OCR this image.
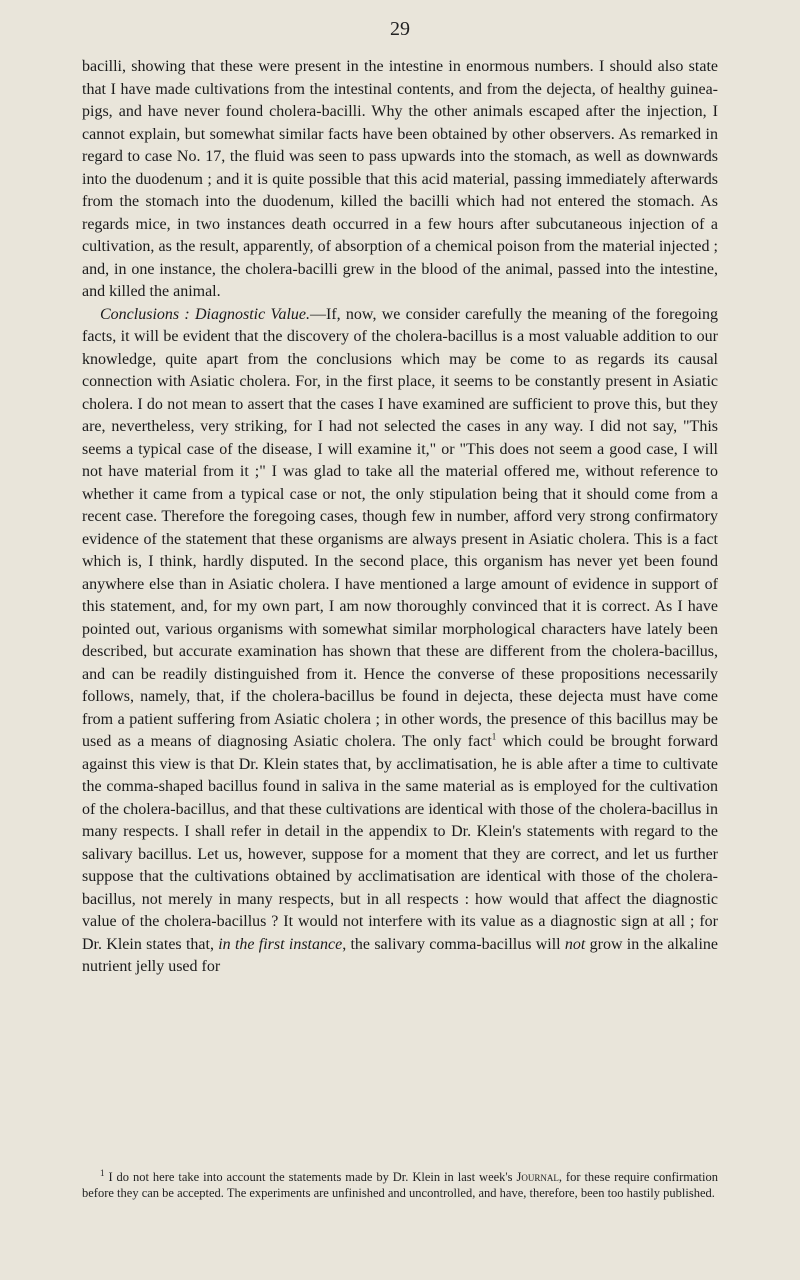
29

bacilli, showing that these were present in the intestine in enormous numbers. I should also state that I have made cultivations from the intestinal contents, and from the dejecta, of healthy guinea-pigs, and have never found cholera-bacilli. Why the other animals escaped after the injection, I cannot explain, but somewhat similar facts have been obtained by other observers. As remarked in regard to case No. 17, the fluid was seen to pass upwards into the stomach, as well as downwards into the duodenum ; and it is quite possible that this acid material, passing immediately afterwards from the stomach into the duodenum, killed the bacilli which had not entered the stomach. As regards mice, in two instances death occurred in a few hours after subcutaneous injection of a cultivation, as the result, apparently, of absorption of a chemical poison from the material injected ; and, in one instance, the cholera-bacilli grew in the blood of the animal, passed into the intestine, and killed the animal.

Conclusions : Diagnostic Value.—If, now, we consider carefully the meaning of the foregoing facts, it will be evident that the discovery of the cholera-bacillus is a most valuable addition to our knowledge, quite apart from the conclusions which may be come to as regards its causal connection with Asiatic cholera. For, in the first place, it seems to be constantly present in Asiatic cholera. I do not mean to assert that the cases I have examined are sufficient to prove this, but they are, nevertheless, very striking, for I had not selected the cases in any way. I did not say, "This seems a typical case of the disease, I will examine it," or "This does not seem a good case, I will not have material from it ;" I was glad to take all the material offered me, without reference to whether it came from a typical case or not, the only stipulation being that it should come from a recent case. Therefore the foregoing cases, though few in number, afford very strong confirmatory evidence of the statement that these organisms are always present in Asiatic cholera. This is a fact which is, I think, hardly disputed. In the second place, this organism has never yet been found anywhere else than in Asiatic cholera. I have mentioned a large amount of evidence in support of this statement, and, for my own part, I am now thoroughly convinced that it is correct. As I have pointed out, various organisms with somewhat similar morphological characters have lately been described, but accurate examination has shown that these are different from the cholera-bacillus, and can be readily distinguished from it. Hence the converse of these propositions necessarily follows, namely, that, if the cholera-bacillus be found in dejecta, these dejecta must have come from a patient suffering from Asiatic cholera ; in other words, the presence of this bacillus may be used as a means of diagnosing Asiatic cholera. The only fact$^1$ which could be brought forward against this view is that Dr. Klein states that, by acclimatisation, he is able after a time to cultivate the comma-shaped bacillus found in saliva in the same material as is employed for the cultivation of the cholera-bacillus, and that these cultivations are identical with those of the cholera-bacillus in many respects. I shall refer in detail in the appendix to Dr. Klein's statements with regard to the salivary bacillus. Let us, however, suppose for a moment that they are correct, and let us further suppose that the cultivations obtained by acclimatisation are identical with those of the cholera-bacillus, not merely in many respects, but in all respects : how would that affect the diagnostic value of the cholera-bacillus ? It would not interfere with its value as a diagnostic sign at all ; for Dr. Klein states that, in the first instance, the salivary comma-bacillus will not grow in the alkaline nutrient jelly used for

$^1$ I do not here take into account the statements made by Dr. Klein in last week's Journal, for these require confirmation before they can be accepted. The experiments are unfinished and uncontrolled, and have, therefore, been too hastily published.
